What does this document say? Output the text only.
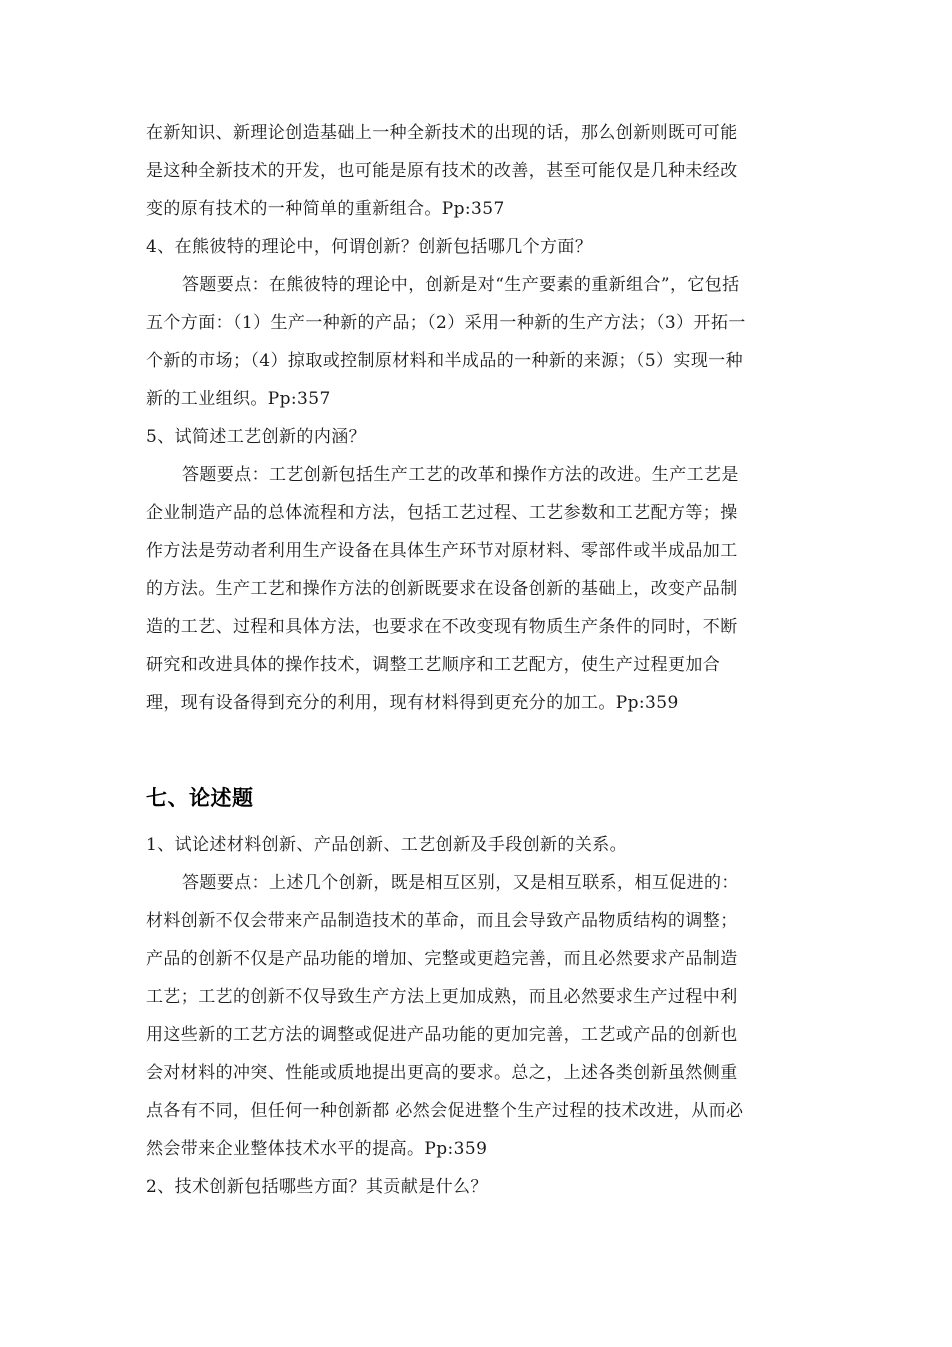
在新知识、新理论创造基础上一种全新技术的出现的话，那么创新则既可可能
是这种全新技术的开发，也可能是原有技术的改善，甚至可能仅是几种未经改
变的原有技术的一种简单的重新组合。Pp:357
4、在熊彼特的理论中，何谓创新？创新包括哪几个方面？
答题要点：在熊彼特的理论中，创新是对“生产要素的重新组合”，它包括
五个方面：（1）生产一种新的产品；（2）采用一种新的生产方法；（3）开拓一
个新的市场；（4）掠取或控制原材料和半成品的一种新的来源；（5）实现一种
新的工业组织。Pp:357
5、试简述工艺创新的内涵？
答题要点：工艺创新包括生产工艺的改革和操作方法的改进。生产工艺是
企业制造产品的总体流程和方法，包括工艺过程、工艺参数和工艺配方等；操
作方法是劳动者利用生产设备在具体生产环节对原材料、零部件或半成品加工
的方法。生产工艺和操作方法的创新既要求在设备创新的基础上，改变产品制
造的工艺、过程和具体方法，也要求在不改变现有物质生产条件的同时，不断
研究和改进具体的操作技术，调整工艺顺序和工艺配方，使生产过程更加合
理，现有设备得到充分的利用，现有材料得到更充分的加工。Pp:359
七、论述题
1、试论述材料创新、产品创新、工艺创新及手段创新的关系。
答题要点：上述几个创新，既是相互区别，又是相互联系，相互促进的：
材料创新不仅会带来产品制造技术的革命，而且会导致产品物质结构的调整；
产品的创新不仅是产品功能的增加、完整或更趋完善，而且必然要求产品制造
工艺；工艺的创新不仅导致生产方法上更加成熟，而且必然要求生产过程中利
用这些新的工艺方法的调整或促进产品功能的更加完善，工艺或产品的创新也
会对材料的冲突、性能或质地提出更高的要求。总之，上述各类创新虽然侧重
点各有不同，但任何一种创新都 必然会促进整个生产过程的技术改进，从而必
然会带来企业整体技术水平的提高。Pp:359
2、技术创新包括哪些方面？其贡献是什么？
